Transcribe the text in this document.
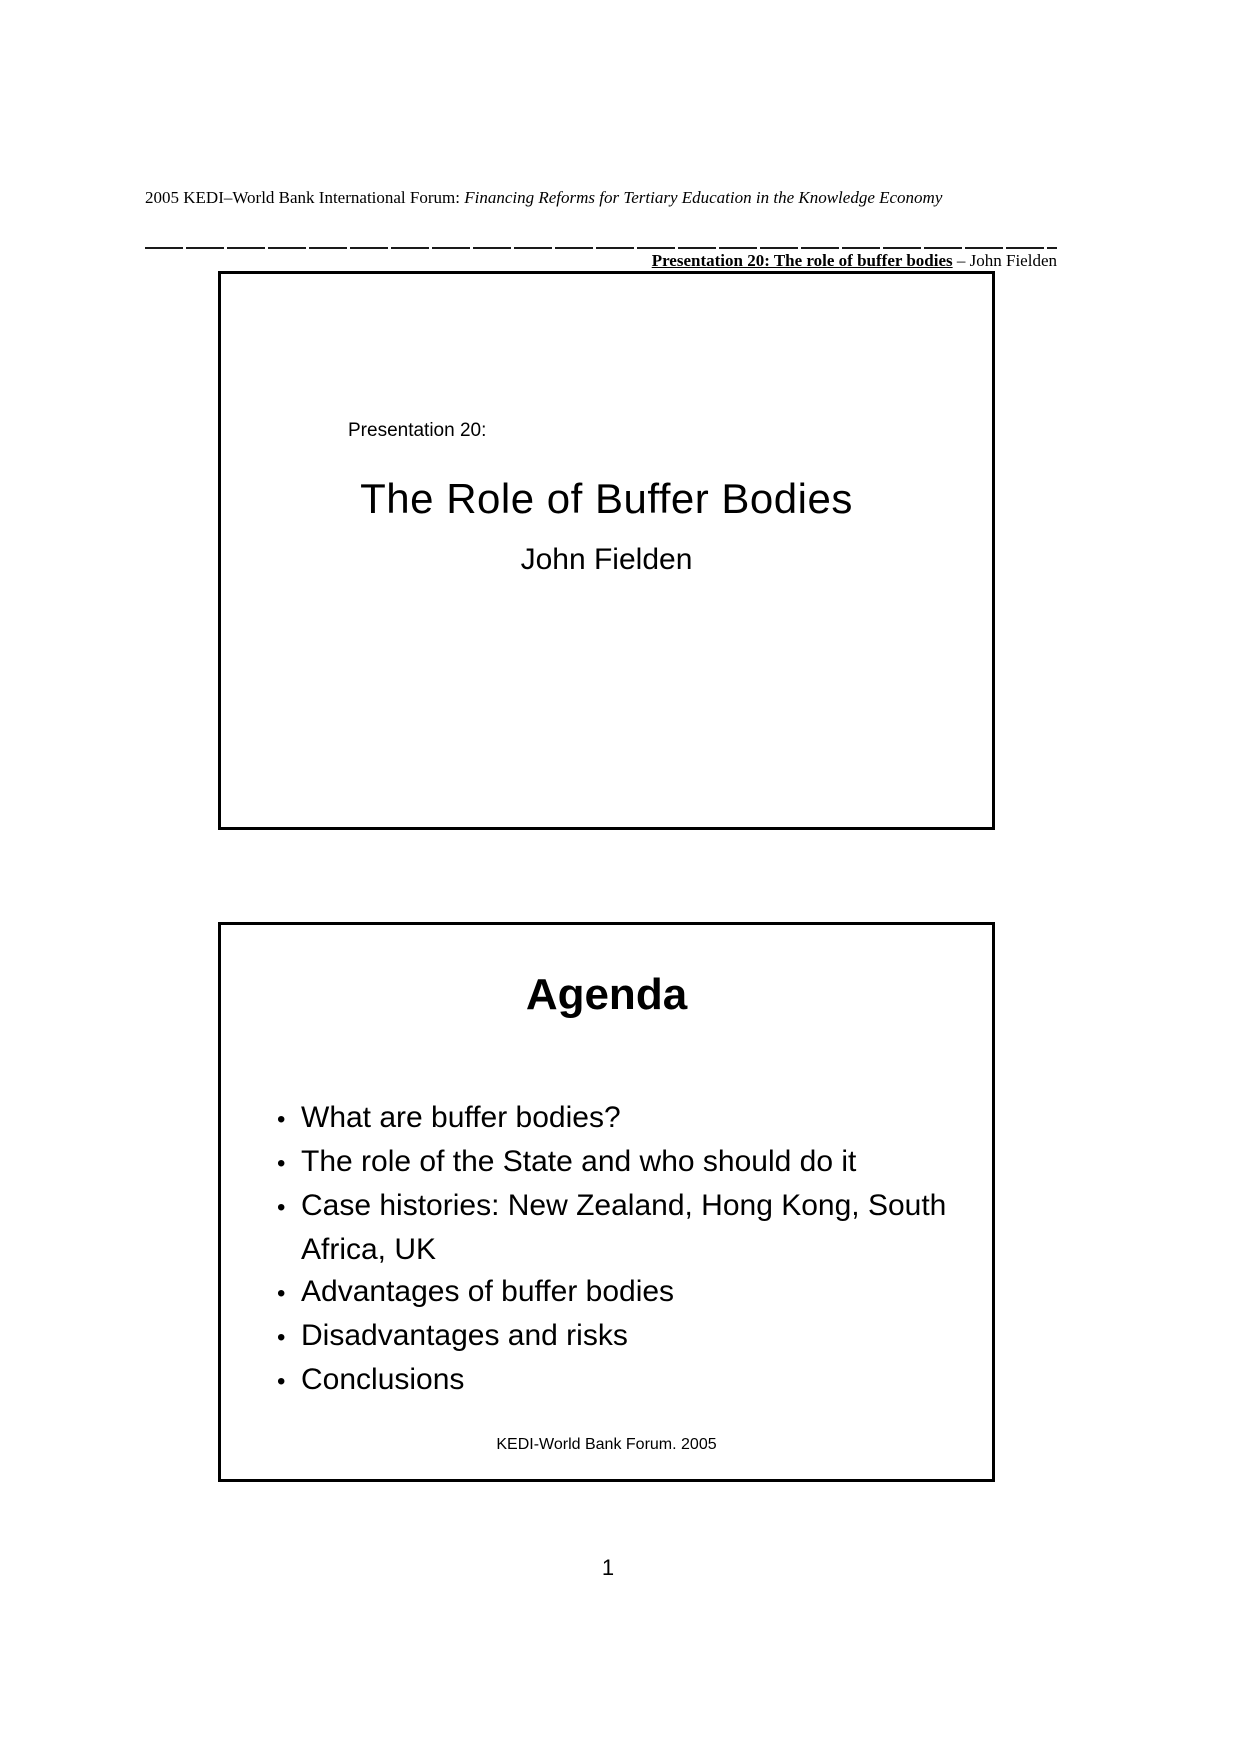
2005 KEDI–World Bank International Forum: Financing Reforms for Tertiary Education in the Knowledge Economy
Presentation 20: The role of buffer bodies – John Fielden
Presentation 20:
The Role of Buffer Bodies
John Fielden
Agenda
• What are buffer bodies?
• The role of the State and who should do it
• Case histories: New Zealand, Hong Kong, South Africa, UK
• Advantages of buffer bodies
• Disadvantages and risks
• Conclusions
KEDI-World Bank Forum. 2005
1
